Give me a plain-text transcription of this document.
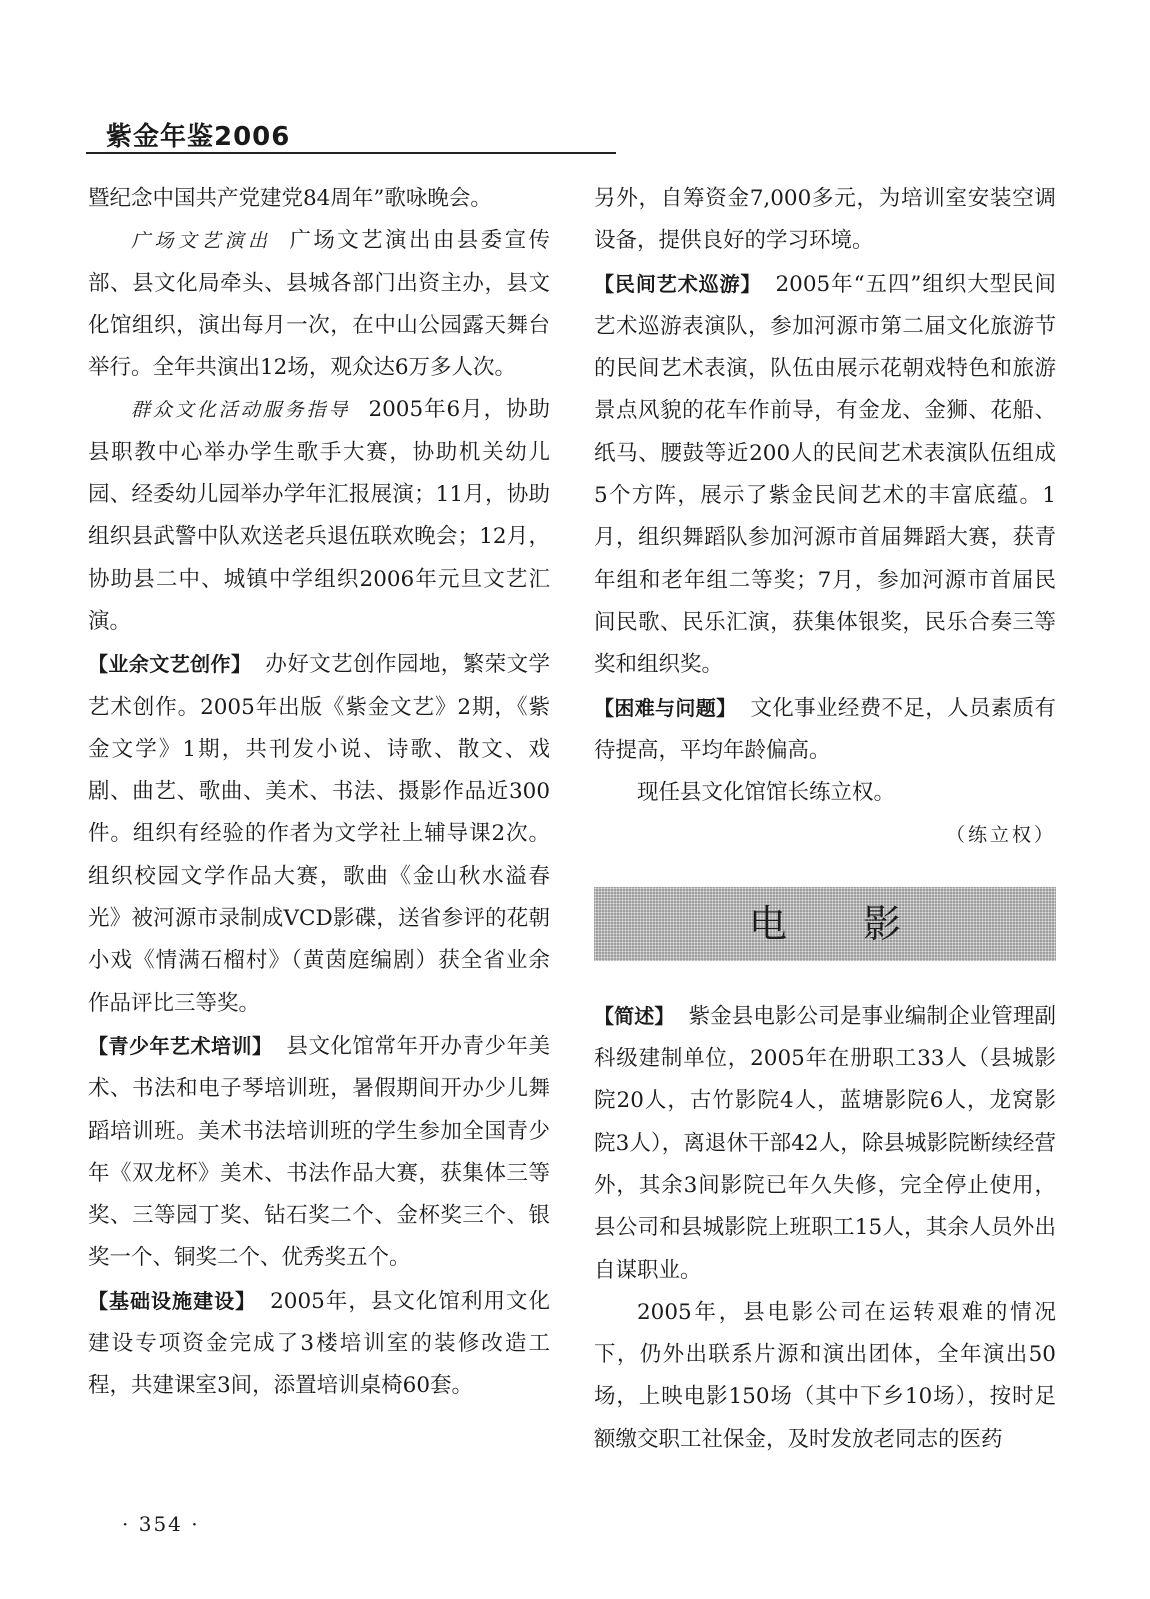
紫金年鉴2006

暨纪念中国共产党建党84周年”歌咏晚会。

广场文艺演出 广场文艺演出由县委宣传部、县文化局牵头、县城各部门出资主办，县文化馆组织，演出每月一次，在中山公园露天舞台举行。全年共演出12场，观众达6万多人次。

群众文化活动服务指导 2005年6月，协助县职教中心举办学生歌手大赛，协助机关幼儿园、经委幼儿园举办学年汇报展演；11月，协助组织县武警中队欢送老兵退伍联欢晚会；12月，协助县二中、城镇中学组织2006年元旦文艺汇演。

【业余文艺创作】 办好文艺创作园地，繁荣文学艺术创作。2005年出版《紫金文艺》2期，《紫金文学》1期，共刊发小说、诗歌、散文、戏剧、曲艺、歌曲、美术、书法、摄影作品近300件。组织有经验的作者为文学社上辅导课2次。组织校园文学作品大赛，歌曲《金山秋水溢春光》被河源市录制成VCD影碟，送省参评的花朝小戏《情满石榴村》（黄茵庭编剧）获全省业余作品评比三等奖。

【青少年艺术培训】 县文化馆常年开办青少年美术、书法和电子琴培训班，暑假期间开办少儿舞蹈培训班。美术书法培训班的学生参加全国青少年《双龙杯》美术、书法作品大赛，获集体三等奖、三等园丁奖、钻石奖二个、金杯奖三个、银奖一个、铜奖二个、优秀奖五个。

【基础设施建设】 2005年，县文化馆利用文化建设专项资金完成了3楼培训室的装修改造工程，共建课室3间，添置培训桌椅60套。

另外，自筹资金7,000多元，为培训室安装空调设备，提供良好的学习环境。

【民间艺术巡游】 2005年“五四”组织大型民间艺术巡游表演队，参加河源市第二届文化旅游节的民间艺术表演，队伍由展示花朝戏特色和旅游景点风貌的花车作前导，有金龙、金狮、花船、纸马、腰鼓等近200人的民间艺术表演队伍组成5个方阵，展示了紫金民间艺术的丰富底蕴。1月，组织舞蹈队参加河源市首届舞蹈大赛，获青年组和老年组二等奖；7月，参加河源市首届民间民歌、民乐汇演，获集体银奖，民乐合奏三等奖和组织奖。

【困难与问题】 文化事业经费不足，人员素质有待提高，平均年龄偏高。

现任县文化馆馆长练立权。

（练立权）

电 影

【简述】 紫金县电影公司是事业编制企业管理副科级建制单位，2005年在册职工33人（县城影院20人，古竹影院4人，蓝塘影院6人，龙窝影院3人），离退休干部42人，除县城影院断续经营外，其余3间影院已年久失修，完全停止使用，县公司和县城影院上班职工15人，其余人员外出自谋职业。

2005年，县电影公司在运转艰难的情况下，仍外出联系片源和演出团体，全年演出50场，上映电影150场（其中下乡10场），按时足额缴交职工社保金，及时发放老同志的医药

· 354 ·
